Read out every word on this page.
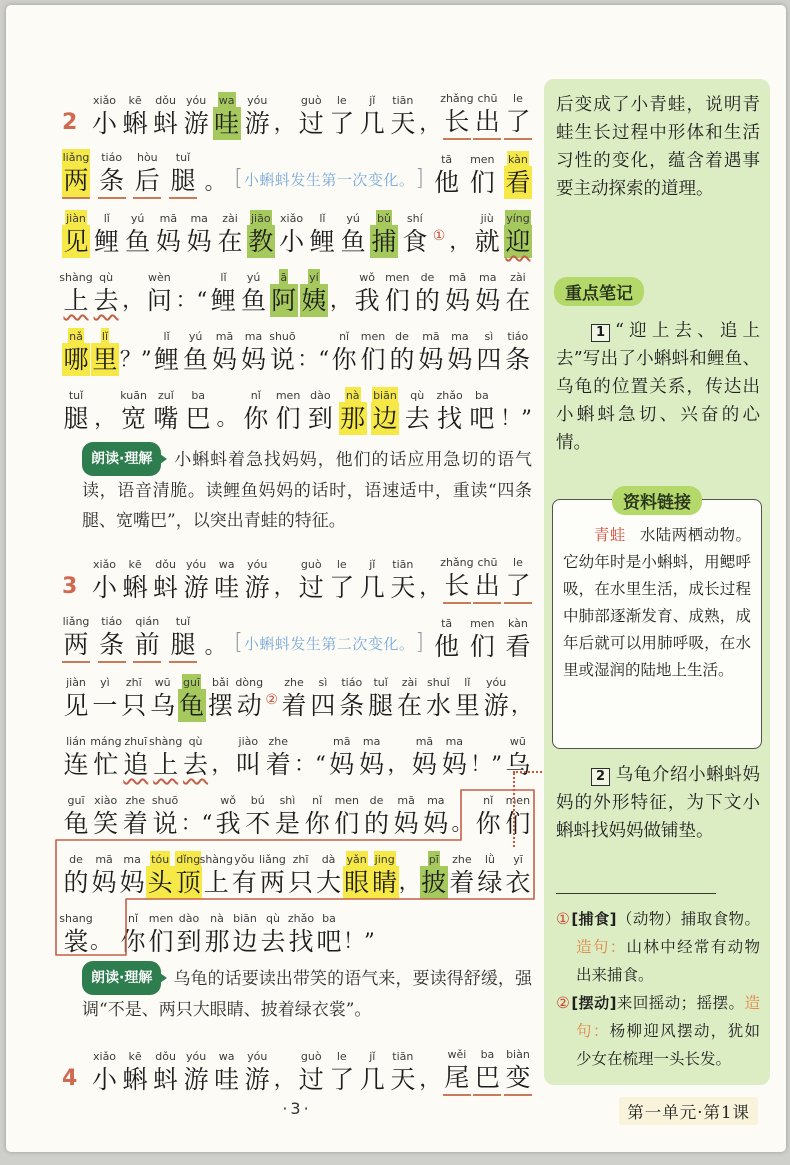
2
xiǎo
小
kē
蝌
dǒu
蚪
yóu
游
wa
哇
yóu
游 ，
guò
过
le
了
jǐ
几
tiān
天 ，
zhǎng
长
chū
出
le
了
liǎng
两
tiáo
条
hòu
后
tuǐ
腿 。 [ 小蝌蚪发生第一次变化。 ]
tā
他
men
们
kàn
看
jiàn
见
lǐ
鲤
yú
鱼
mā
妈
ma
妈
zài
在
jiāo
教
xiǎo
小
lǐ
鲤
yú
鱼
bǔ
捕
shí
食 ① ，
jiù
就
yíng
迎
shàng
上
qù
去 ，
wèn
问 ：“
lǐ
鲤
yú
鱼
ā
阿
yí
姨 ，
wǒ
我
men
们
de
的
mā
妈
ma
妈
zài
在
nǎ
哪
lǐ
里 ？”
lǐ
鲤
yú
鱼
mā
妈
ma
妈
shuō
说 ：“
nǐ
你
men
们
de
的
mā
妈
ma
妈
sì
四
tiáo
条
tuǐ
腿 ，
kuān
宽
zuǐ
嘴
ba
巴 。
nǐ
你
men
们
dào
到
nà
那
biān
边
qù
去
zhǎo
找
ba
吧 ！”
朗读·理解 小蝌蚪着急找妈妈，他们的话应用急切的语气读，语音清脆。读鲤鱼妈妈的话时，语速适中，重读“四条腿、宽嘴巴”，以突出青蛙的特征。
3
xiǎo
小
kē
蝌
dǒu
蚪
yóu
游
wa
哇
yóu
游 ，
guò
过
le
了
jǐ
几
tiān
天 ，
zhǎng
长
chū
出
le
了
liǎng
两
tiáo
条
qián
前
tuǐ
腿 。 [ 小蝌蚪发生第二次变化。 ]
tā
他
men
们
kàn
看
jiàn
见
yì
一
zhī
只
wū
乌
guī
龟
bǎi
摆
dòng
动 ②
zhe
着
sì
四
tiáo
条
tuǐ
腿
zài
在
shuǐ
水
lǐ
里
yóu
游 ，
lián
连
máng
忙
zhuī
追
shàng
上
qù
去 ，
jiào
叫
zhe
着 ：“
mā
妈
ma
妈 ，
mā
妈
ma
妈 ！”
wū
乌
guī
龟
xiào
笑
zhe
着
shuō
说 ：“
wǒ
我
bú
不
shì
是
nǐ
你
men
们
de
的
mā
妈
ma
妈 。
nǐ
你
men
们
de
的
mā
妈
ma
妈
tóu
头
dǐng
顶
shàng
上
yǒu
有
liǎng
两
zhī
只
dà
大
yǎn
眼
jing
睛 ，
pī
披
zhe
着
lǜ
绿
yī
衣
shang
裳 。
nǐ
你
men
们
dào
到
nà
那
biān
边
qù
去
zhǎo
找
ba
吧 ！”
朗读·理解 乌龟的话要读出带笑的语气来，要读得舒缓，强调“不是、两只大眼睛、披着绿衣裳”。
4
xiǎo
小
kē
蝌
dǒu
蚪
yóu
游
wa
哇
yóu
游 ，
guò
过
le
了
jǐ
几
tiān
天 ，
wěi
尾
ba
巴
biàn
变

后变成了小青蛙，说明青蛙生长过程中形体和生活习性的变化，蕴含着遇事要主动探索的道理。

重点笔记

1 “迎上去、追上去”写出了小蝌蚪和鲤鱼、乌龟的位置关系，传达出小蝌蚪急切、兴奋的心情。

资料链接

青蛙 水陆两栖动物。它幼年时是小蝌蚪，用鳃呼吸，在水里生活，成长过程中肺部逐渐发育、成熟，成年后就可以用肺呼吸，在水里或湿润的陆地上生活。

2 乌龟介绍小蝌蚪妈妈的外形特征，为下文小蝌蚪找妈妈做铺垫。

①[捕食]（动物）捕取食物。造句：山林中经常有动物出来捕食。
②[摆动]来回摇动；摇摆。造句：杨柳迎风摆动，犹如少女在梳理一头长发。
·3·	第一单元·第1课
